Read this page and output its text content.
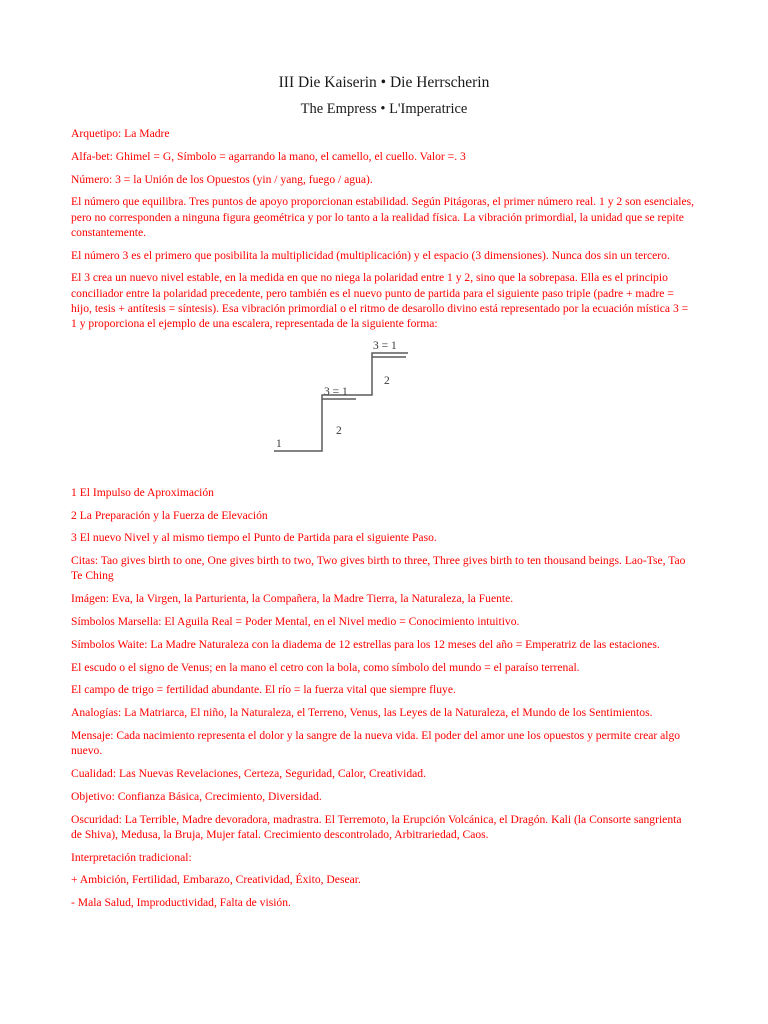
III Die Kaiserin • Die Herrscherin
The Empress • L'Imperatrice

Arquetipo: La Madre

Alfa-bet: Ghimel = G, Símbolo = agarrando la mano, el camello, el cuello. Valor =. 3

Número: 3 = la Unión de los Opuestos (yin / yang, fuego / agua).

El número que equilibra. Tres puntos de apoyo proporcionan estabilidad. Según Pitágoras, el primer número real. 1 y 2 son esenciales, pero no corresponden a ninguna figura geométrica y por lo tanto a la realidad física. La vibración primordial, la unidad que se repite constantemente.

El número 3 es el primero que posibilita la multiplicidad (multiplicación) y el espacio (3 dimensiones). Nunca dos sin un tercero.

El 3 crea un nuevo nivel estable, en la medida en que no niega la polaridad entre 1 y 2, sino que la sobrepasa. Ella es el principio conciliador entre la polaridad precedente, pero también es el nuevo punto de partida para el siguiente paso triple (padre + madre = hijo, tesis + antítesis = síntesis). Esa vibración primordial o el ritmo de desarollo divino está representado por la ecuación mística 3 = 1 y proporciona el ejemplo de una escalera, representada de la siguiente forma:

1
2
3 = 1
2
3 = 1

1 El Impulso de Aproximación

2 La Preparación y la Fuerza de Elevación

3 El nuevo Nivel y al mismo tiempo el Punto de Partida para el siguiente Paso.

Citas: Tao gives birth to one, One gives birth to two, Two gives birth to three, Three gives birth to ten thousand beings. Lao-Tse, Tao Te Ching

Imágen: Eva, la Virgen, la Parturienta, la Compañera, la Madre Tierra, la Naturaleza, la Fuente.

Símbolos Marsella: El Aguila Real = Poder Mental, en el Nivel medio = Conocimiento intuitivo.

Símbolos Waite: La Madre Naturaleza con la diadema de 12 estrellas para los 12 meses del año = Emperatriz de las estaciones.

El escudo o el signo de Venus; en la mano el cetro con la bola, como símbolo del mundo = el paraíso terrenal.

El campo de trigo = fertilidad abundante. El río = la fuerza vital que siempre fluye.

Analogías: La Matriarca, El niño, la Naturaleza, el Terreno, Venus, las Leyes de la Naturaleza, el Mundo de los Sentimientos.

Mensaje: Cada nacimiento representa el dolor y la sangre de la nueva vida. El poder del amor une los opuestos y permite crear algo nuevo.

Cualidad: Las Nuevas Revelaciones, Certeza, Seguridad, Calor, Creatividad.

Objetivo: Confianza Básica, Crecimiento, Diversidad.

Oscuridad: La Terrible, Madre devoradora, madrastra. El Terremoto, la Erupción Volcánica, el Dragón. Kali (la Consorte sangrienta de Shiva), Medusa, la Bruja, Mujer fatal. Crecimiento descontrolado, Arbitrariedad, Caos.

Interpretación tradicional:

+ Ambición, Fertilidad, Embarazo, Creatividad, Éxito, Desear.

- Mala Salud, Improductividad, Falta de visión.
